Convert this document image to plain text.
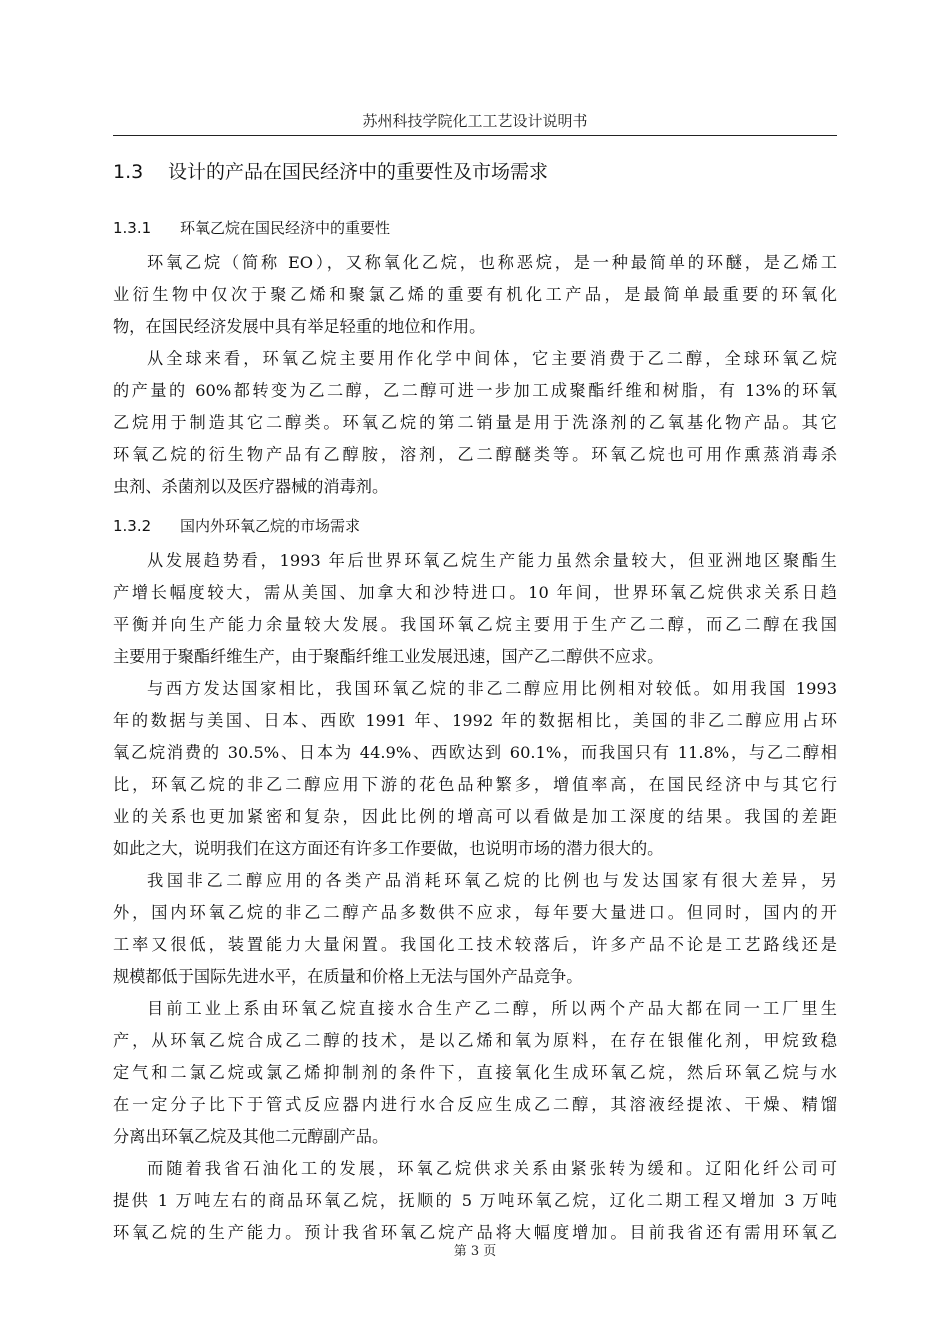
苏州科技学院化工工艺设计说明书
1.3 设计的产品在国民经济中的重要性及市场需求
1.3.1 环氧乙烷在国民经济中的重要性
环氧乙烷（简称 EO），又称氧化乙烷，也称恶烷，是一种最简单的环醚，是乙烯工
业衍生物中仅次于聚乙烯和聚氯乙烯的重要有机化工产品，是最简单最重要的环氧化
物，在国民经济发展中具有举足轻重的地位和作用。
从全球来看，环氧乙烷主要用作化学中间体，它主要消费于乙二醇，全球环氧乙烷
的产量的 60%都转变为乙二醇，乙二醇可进一步加工成聚酯纤维和树脂，有 13%的环氧
乙烷用于制造其它二醇类。环氧乙烷的第二销量是用于洗涤剂的乙氧基化物产品。其它
环氧乙烷的衍生物产品有乙醇胺，溶剂，乙二醇醚类等。环氧乙烷也可用作熏蒸消毒杀
虫剂、杀菌剂以及医疗器械的消毒剂。
1.3.2 国内外环氧乙烷的市场需求
从发展趋势看，1993 年后世界环氧乙烷生产能力虽然余量较大，但亚洲地区聚酯生
产增长幅度较大，需从美国、加拿大和沙特进口。10 年间，世界环氧乙烷供求关系日趋
平衡并向生产能力余量较大发展。我国环氧乙烷主要用于生产乙二醇，而乙二醇在我国
主要用于聚酯纤维生产，由于聚酯纤维工业发展迅速，国产乙二醇供不应求。
与西方发达国家相比，我国环氧乙烷的非乙二醇应用比例相对较低。如用我国 1993
年的数据与美国、日本、西欧 1991 年、1992 年的数据相比，美国的非乙二醇应用占环
氧乙烷消费的 30.5%、日本为 44.9%、西欧达到 60.1%，而我国只有 11.8%，与乙二醇相
比，环氧乙烷的非乙二醇应用下游的花色品种繁多，增值率高，在国民经济中与其它行
业的关系也更加紧密和复杂，因此比例的增高可以看做是加工深度的结果。我国的差距
如此之大，说明我们在这方面还有许多工作要做，也说明市场的潜力很大的。
我国非乙二醇应用的各类产品消耗环氧乙烷的比例也与发达国家有很大差异，另
外，国内环氧乙烷的非乙二醇产品多数供不应求，每年要大量进口。但同时，国内的开
工率又很低，装置能力大量闲置。我国化工技术较落后，许多产品不论是工艺路线还是
规模都低于国际先进水平，在质量和价格上无法与国外产品竞争。
目前工业上系由环氧乙烷直接水合生产乙二醇，所以两个产品大都在同一工厂里生
产，从环氧乙烷合成乙二醇的技术，是以乙烯和氧为原料，在存在银催化剂，甲烷致稳
定气和二氯乙烷或氯乙烯抑制剂的条件下，直接氧化生成环氧乙烷，然后环氧乙烷与水
在一定分子比下于管式反应器内进行水合反应生成乙二醇，其溶液经提浓、干燥、精馏
分离出环氧乙烷及其他二元醇副产品。
而随着我省石油化工的发展，环氧乙烷供求关系由紧张转为缓和。辽阳化纤公司可
提供 1 万吨左右的商品环氧乙烷，抚顺的 5 万吨环氧乙烷，辽化二期工程又增加 3 万吨
环氧乙烷的生产能力。预计我省环氧乙烷产品将大幅度增加。目前我省还有需用环氧乙
第 3 页
